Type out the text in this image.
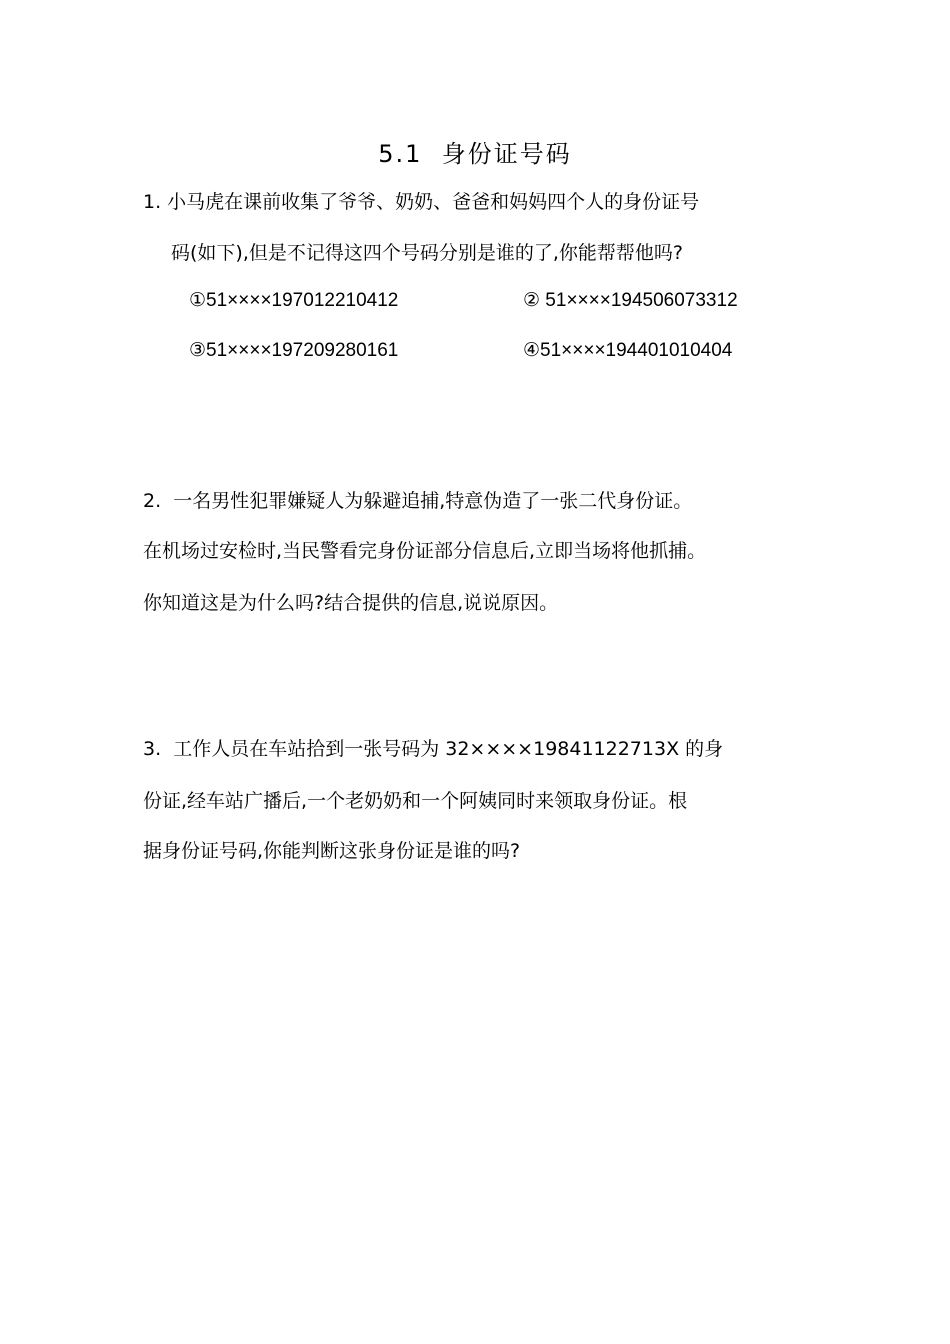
5.1  身份证号码
1. 小马虎在课前收集了爷爷、奶奶、爸爸和妈妈四个人的身份证号
码(如下),但是不记得这四个号码分别是谁的了,你能帮帮他吗?
①51××××197012210412	② 51××××194506073312
③51××××197209280161	④51××××194401010404
2.  一名男性犯罪嫌疑人为躲避追捕,特意伪造了一张二代身份证。
在机场过安检时,当民警看完身份证部分信息后,立即当场将他抓捕。
你知道这是为什么吗?结合提供的信息,说说原因。
3.  工作人员在车站拾到一张号码为 32××××19841122713X 的身
份证,经车站广播后,一个老奶奶和一个阿姨同时来领取身份证。根
据身份证号码,你能判断这张身份证是谁的吗?
